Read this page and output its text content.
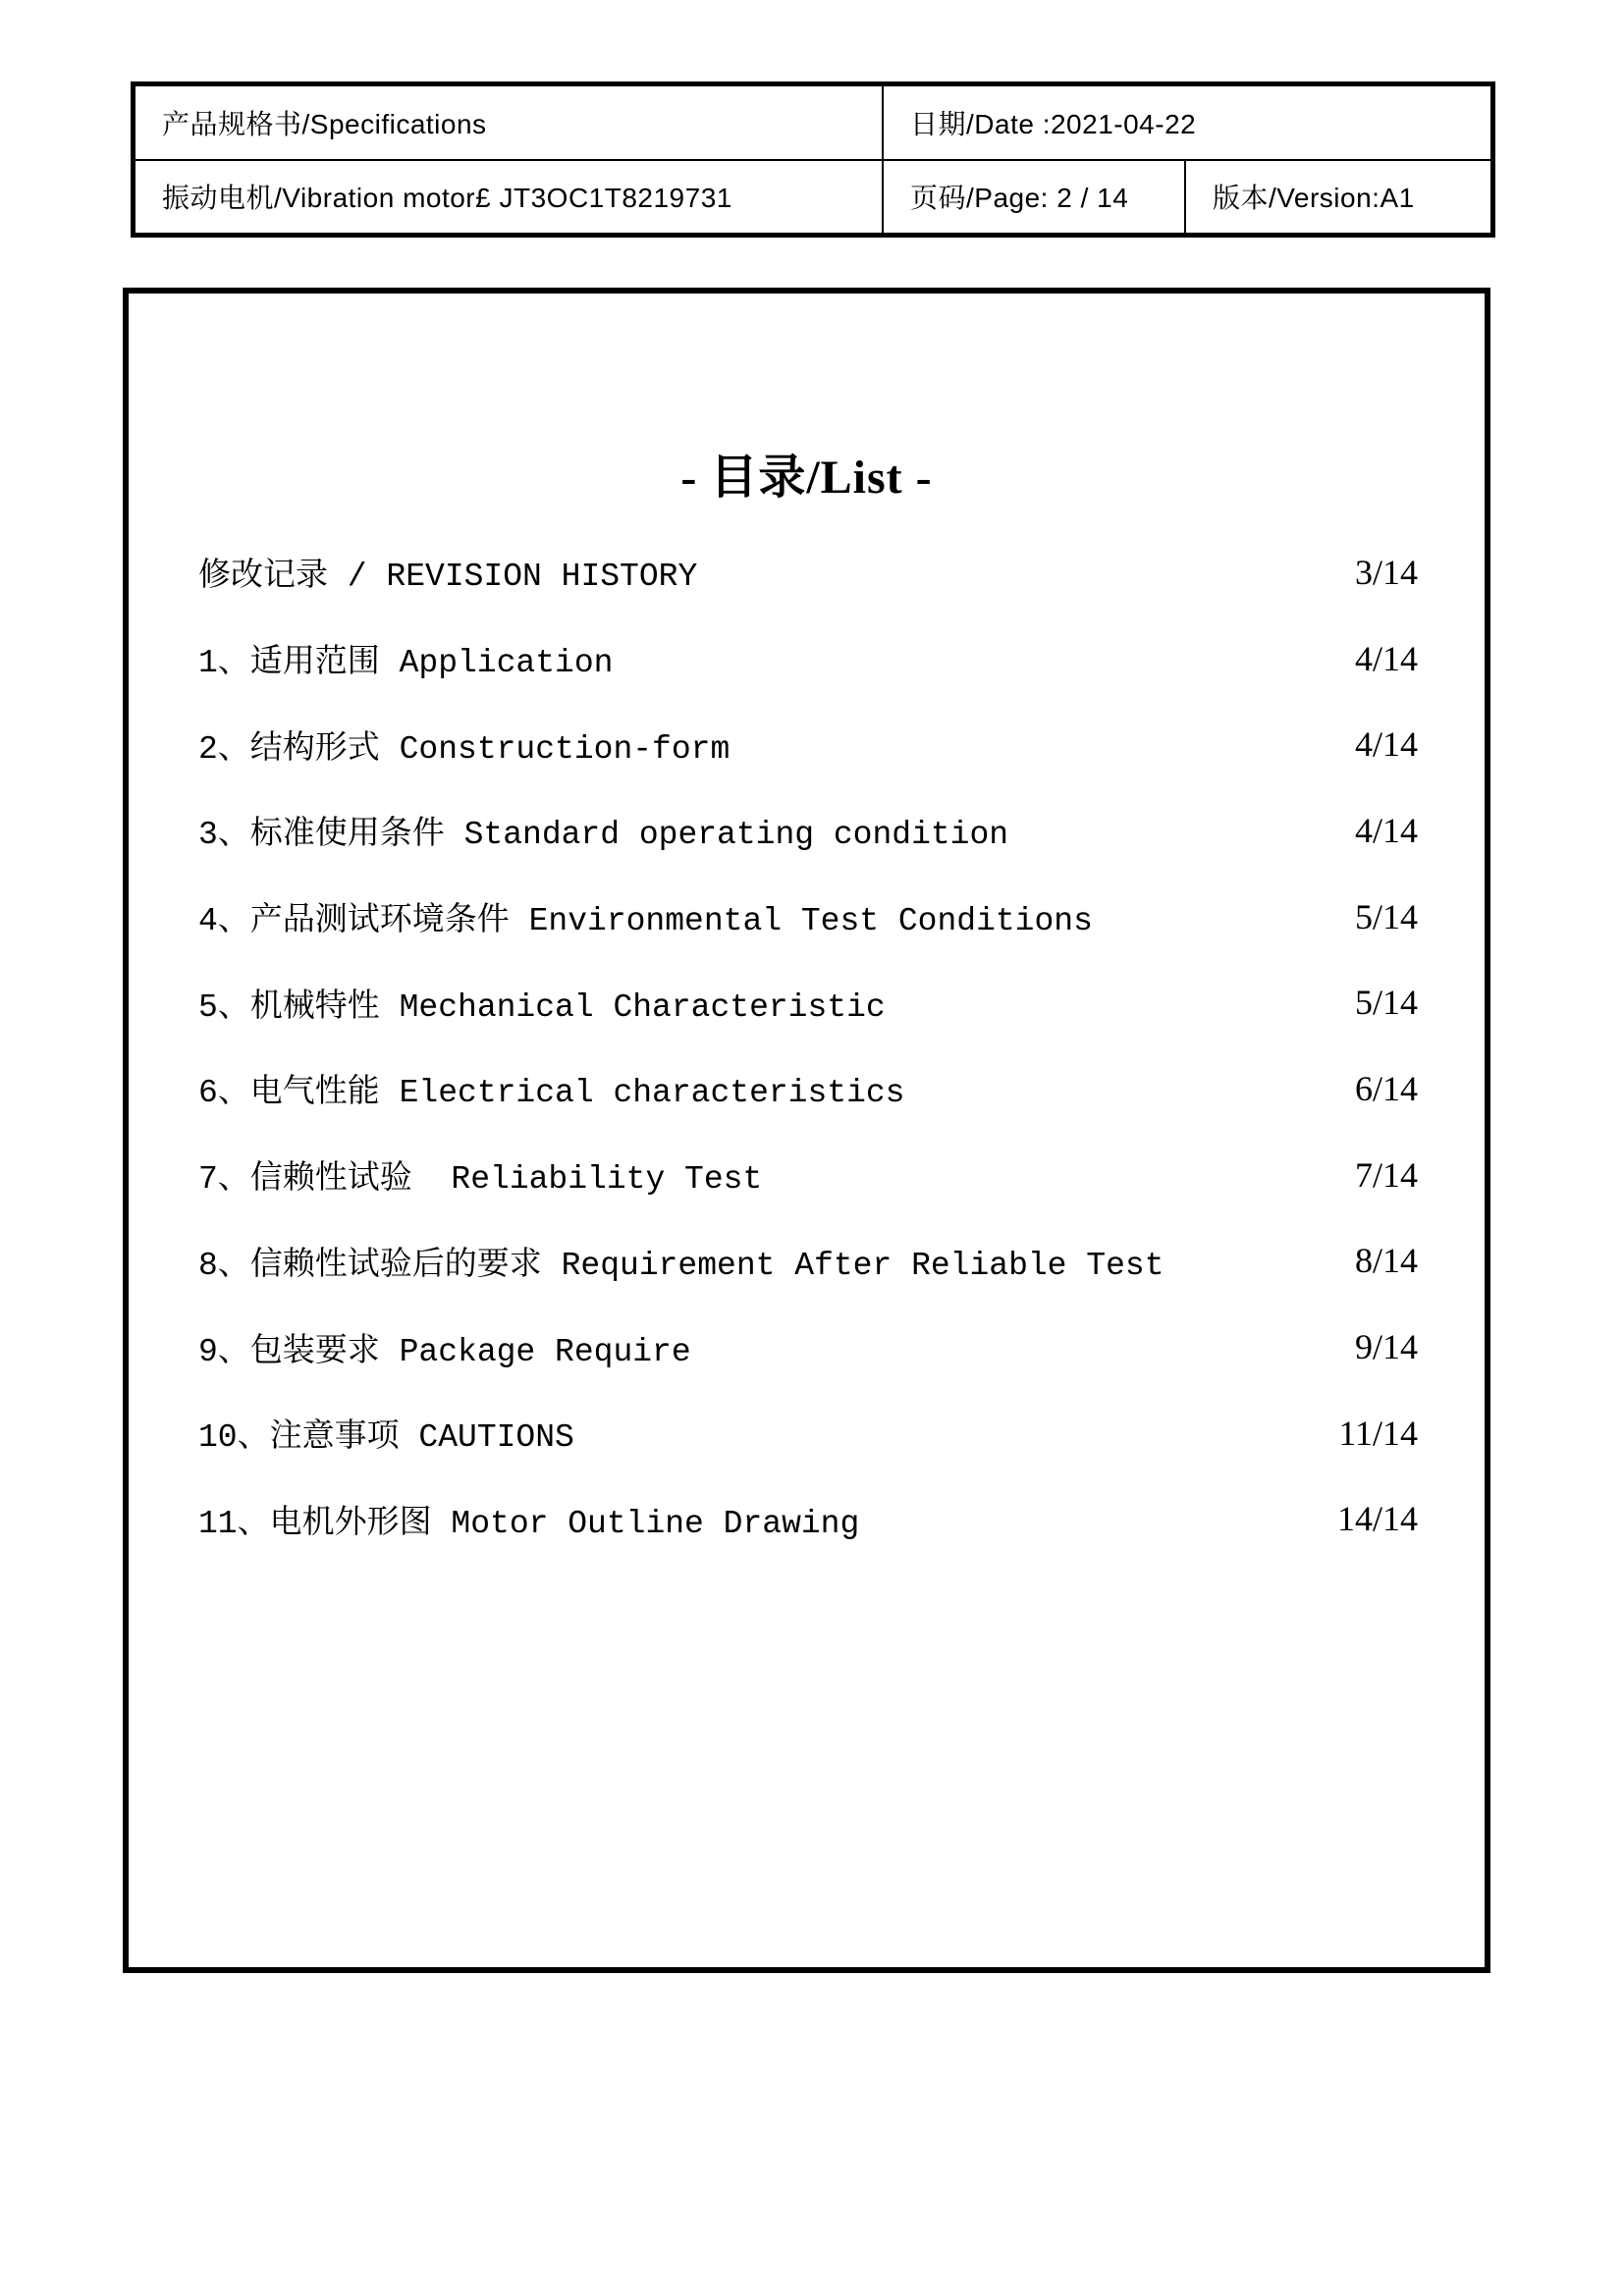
产品规格书/Specifications	日期/Date :2021-04-22
振动电机/Vibration motor£ JT3OC1T8219731	页码/Page: 2 / 14	版本/Version:A1
- 目录/List -
修改记录 / REVISION HISTORY	3/14
1、适用范围 Application	4/14
2、结构形式 Construction-form	4/14
3、标准使用条件 Standard operating condition	4/14
4、产品测试环境条件 Environmental Test Conditions	5/14
5、机械特性 Mechanical Characteristic	5/14
6、电气性能 Electrical characteristics	6/14
7、信赖性试验  Reliability Test	7/14
8、信赖性试验后的要求 Requirement After Reliable Test	8/14
9、包装要求 Package Require	9/14
10、注意事项 CAUTIONS	11/14
11、电机外形图 Motor Outline Drawing	14/14
